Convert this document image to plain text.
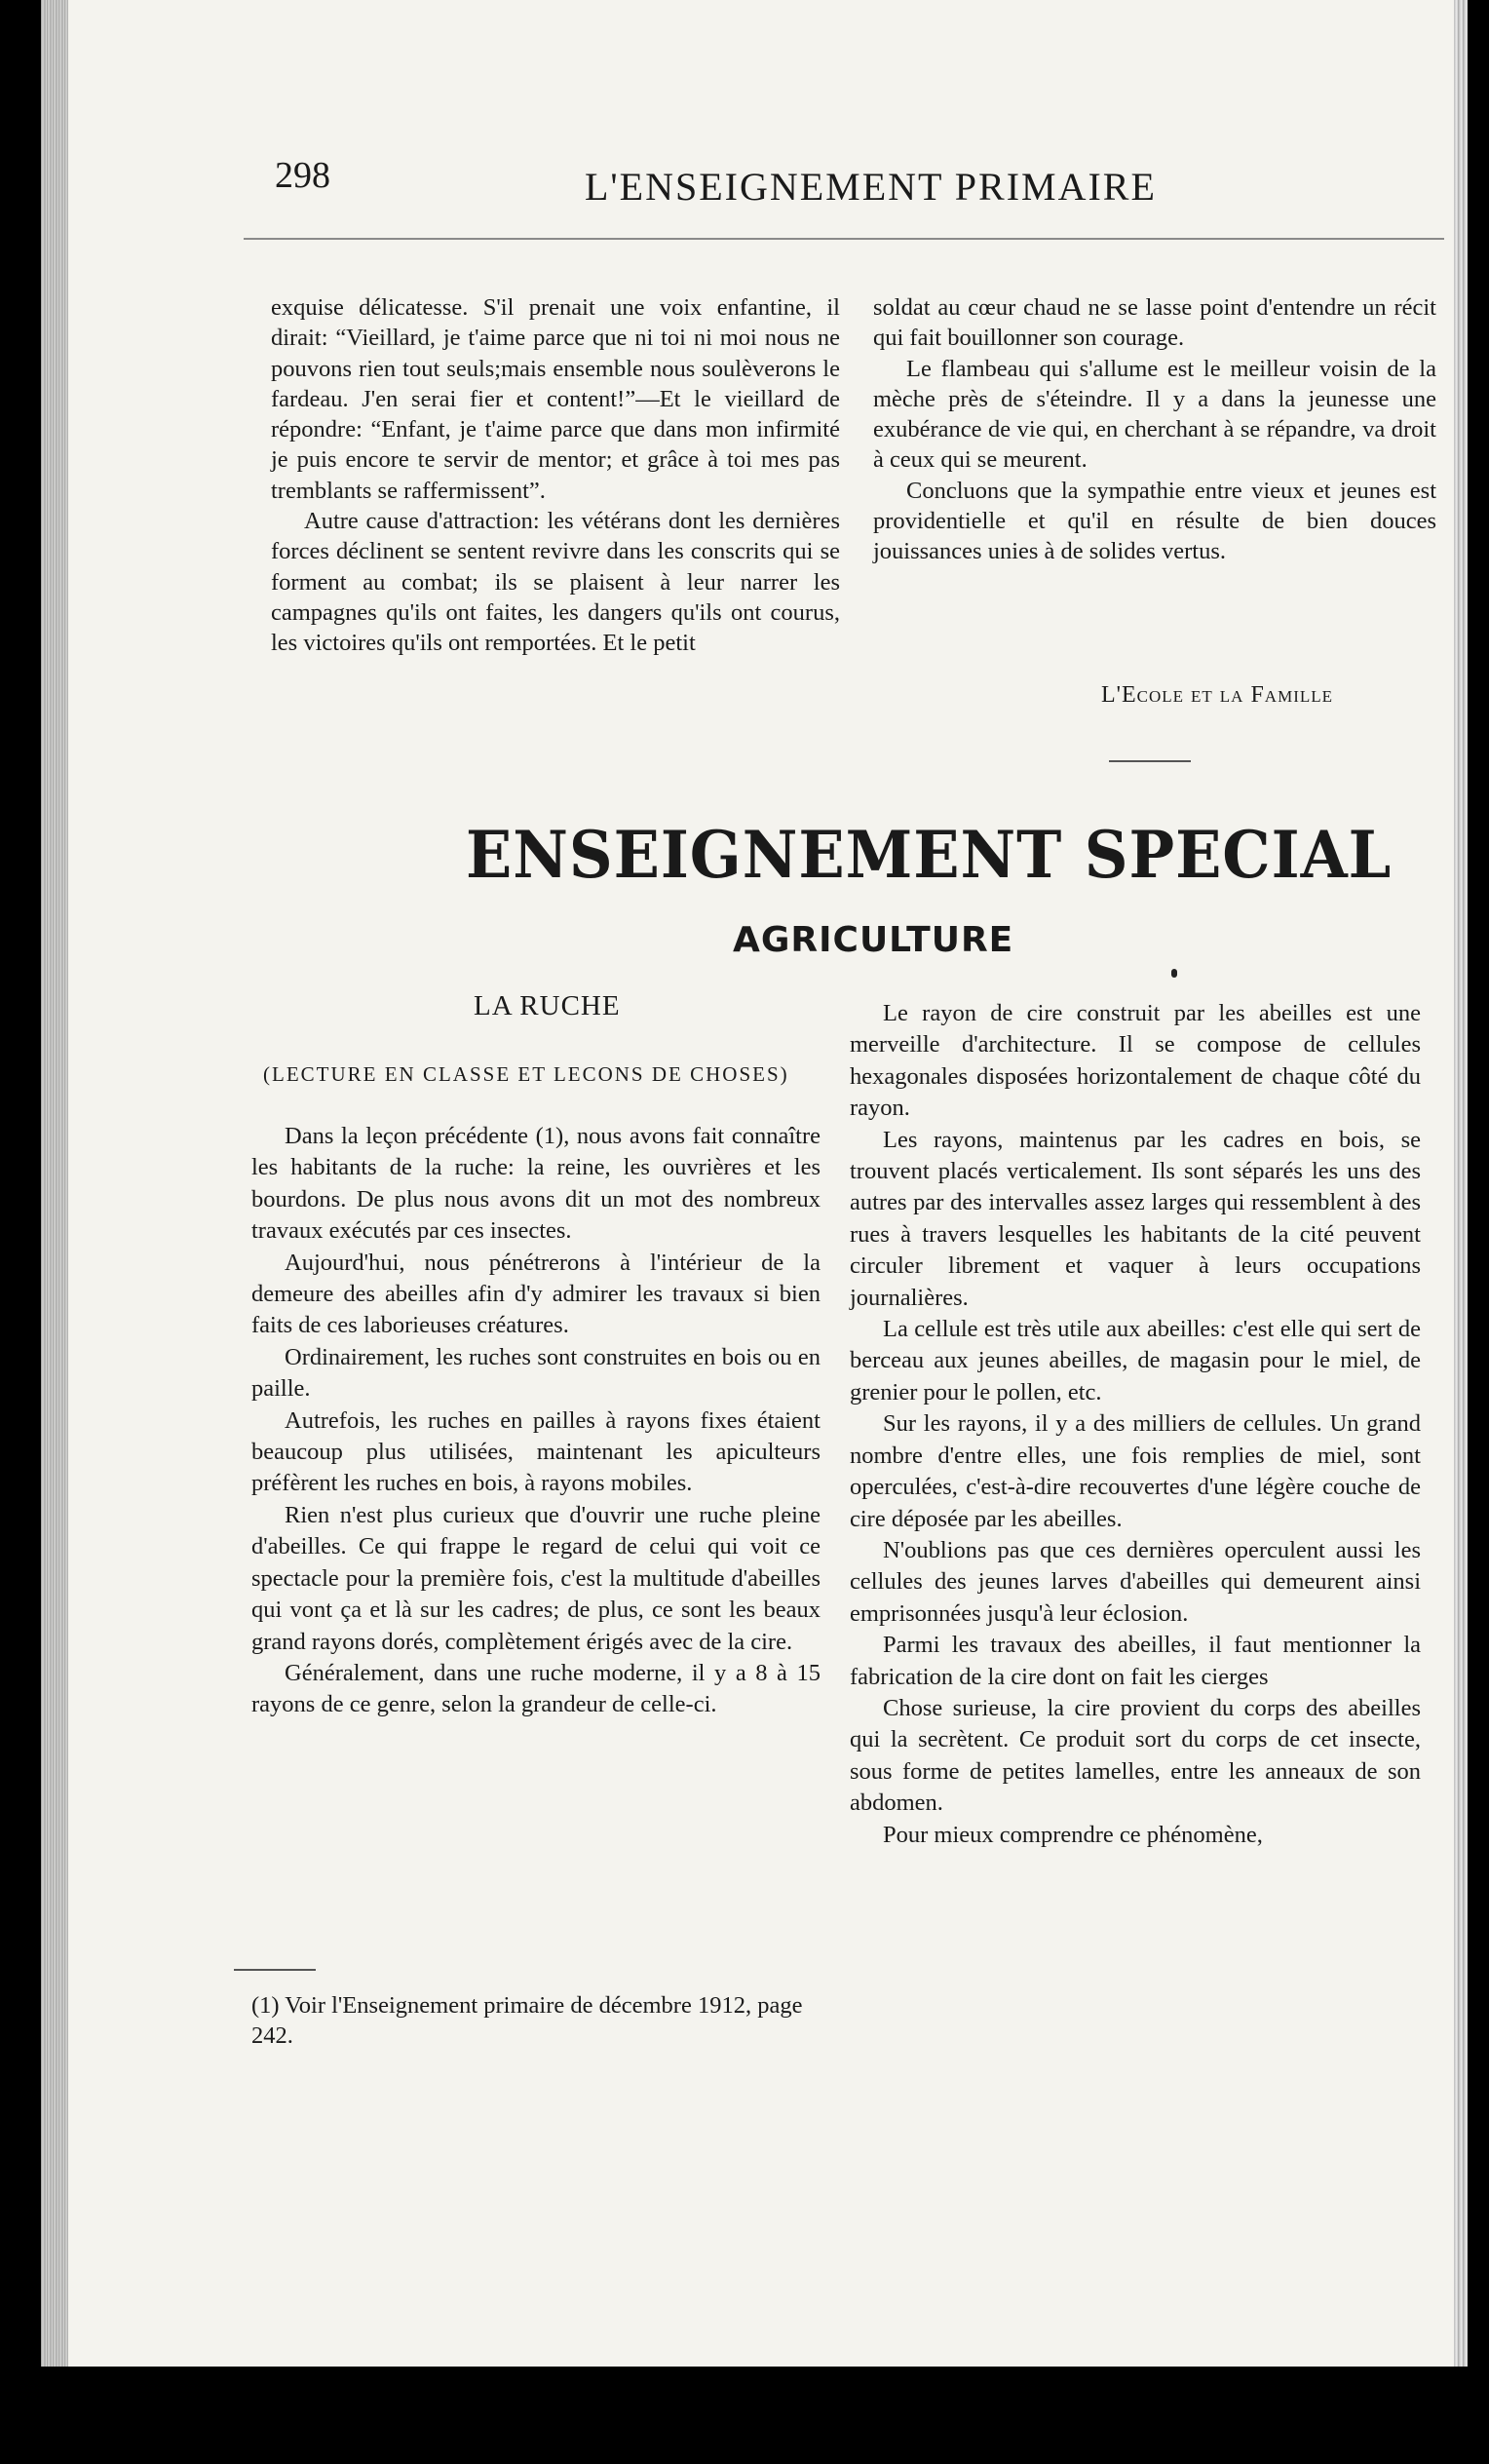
298	L'ENSEIGNEMENT PRIMAIRE

exquise délicatesse. S'il prenait une voix enfantine, il dirait: “Vieillard, je t'aime parce que ni toi ni moi nous ne pouvons rien tout seuls;mais ensemble nous soulèverons le fardeau. J'en serai fier et content!”—Et le vieillard de répondre: “Enfant, je t'aime parce que dans mon infirmité je puis encore te servir de mentor; et grâce à toi mes pas tremblants se raffermissent”.

Autre cause d'attraction: les vétérans dont les dernières forces déclinent se sentent revivre dans les conscrits qui se forment au combat; ils se plaisent à leur narrer les campagnes qu'ils ont faites, les dangers qu'ils ont courus, les victoires qu'ils ont remportées. Et le petit

soldat au cœur chaud ne se lasse point d'entendre un récit qui fait bouillonner son courage.

Le flambeau qui s'allume est le meilleur voisin de la mèche près de s'éteindre. Il y a dans la jeunesse une exubérance de vie qui, en cherchant à se répandre, va droit à ceux qui se meurent.

Concluons que la sympathie entre vieux et jeunes est providentielle et qu'il en résulte de bien douces jouissances unies à de solides vertus.

L'Ecole et la Famille
ENSEIGNEMENT SPECIAL
AGRICULTURE
LA RUCHE
(LECTURE EN CLASSE ET LECONS DE CHOSES)

Dans la leçon précédente (1), nous avons fait connaître les habitants de la ruche: la reine, les ouvrières et les bourdons. De plus nous avons dit un mot des nombreux travaux exécutés par ces insectes.

Aujourd'hui, nous pénétrerons à l'intérieur de la demeure des abeilles afin d'y admirer les travaux si bien faits de ces laborieuses créatures.

Ordinairement, les ruches sont construites en bois ou en paille.

Autrefois, les ruches en pailles à rayons fixes étaient beaucoup plus utilisées, maintenant les apiculteurs préfèrent les ruches en bois, à rayons mobiles.

Rien n'est plus curieux que d'ouvrir une ruche pleine d'abeilles. Ce qui frappe le regard de celui qui voit ce spectacle pour la première fois, c'est la multitude d'abeilles qui vont ça et là sur les cadres; de plus, ce sont les beaux grand rayons dorés, complètement érigés avec de la cire.

Généralement, dans une ruche moderne, il y a 8 à 15 rayons de ce genre, selon la grandeur de celle-ci.

(1) Voir l'Enseignement primaire de décembre 1912, page 242.

Le rayon de cire construit par les abeilles est une merveille d'architecture. Il se compose de cellules hexagonales disposées horizontalement de chaque côté du rayon.

Les rayons, maintenus par les cadres en bois, se trouvent placés verticalement. Ils sont séparés les uns des autres par des intervalles assez larges qui ressemblent à des rues à travers lesquelles les habitants de la cité peuvent circuler librement et vaquer à leurs occupations journalières.

La cellule est très utile aux abeilles: c'est elle qui sert de berceau aux jeunes abeilles, de magasin pour le miel, de grenier pour le pollen, etc.

Sur les rayons, il y a des milliers de cellules. Un grand nombre d'entre elles, une fois remplies de miel, sont operculées, c'est-à-dire recouvertes d'une légère couche de cire déposée par les abeilles.

N'oublions pas que ces dernières operculent aussi les cellules des jeunes larves d'abeilles qui demeurent ainsi emprisonnées jusqu'à leur éclosion.

Parmi les travaux des abeilles, il faut mentionner la fabrication de la cire dont on fait les cierges

Chose surieuse, la cire provient du corps des abeilles qui la secrètent. Ce produit sort du corps de cet insecte, sous forme de petites lamelles, entre les anneaux de son abdomen.

Pour mieux comprendre ce phénomène,
